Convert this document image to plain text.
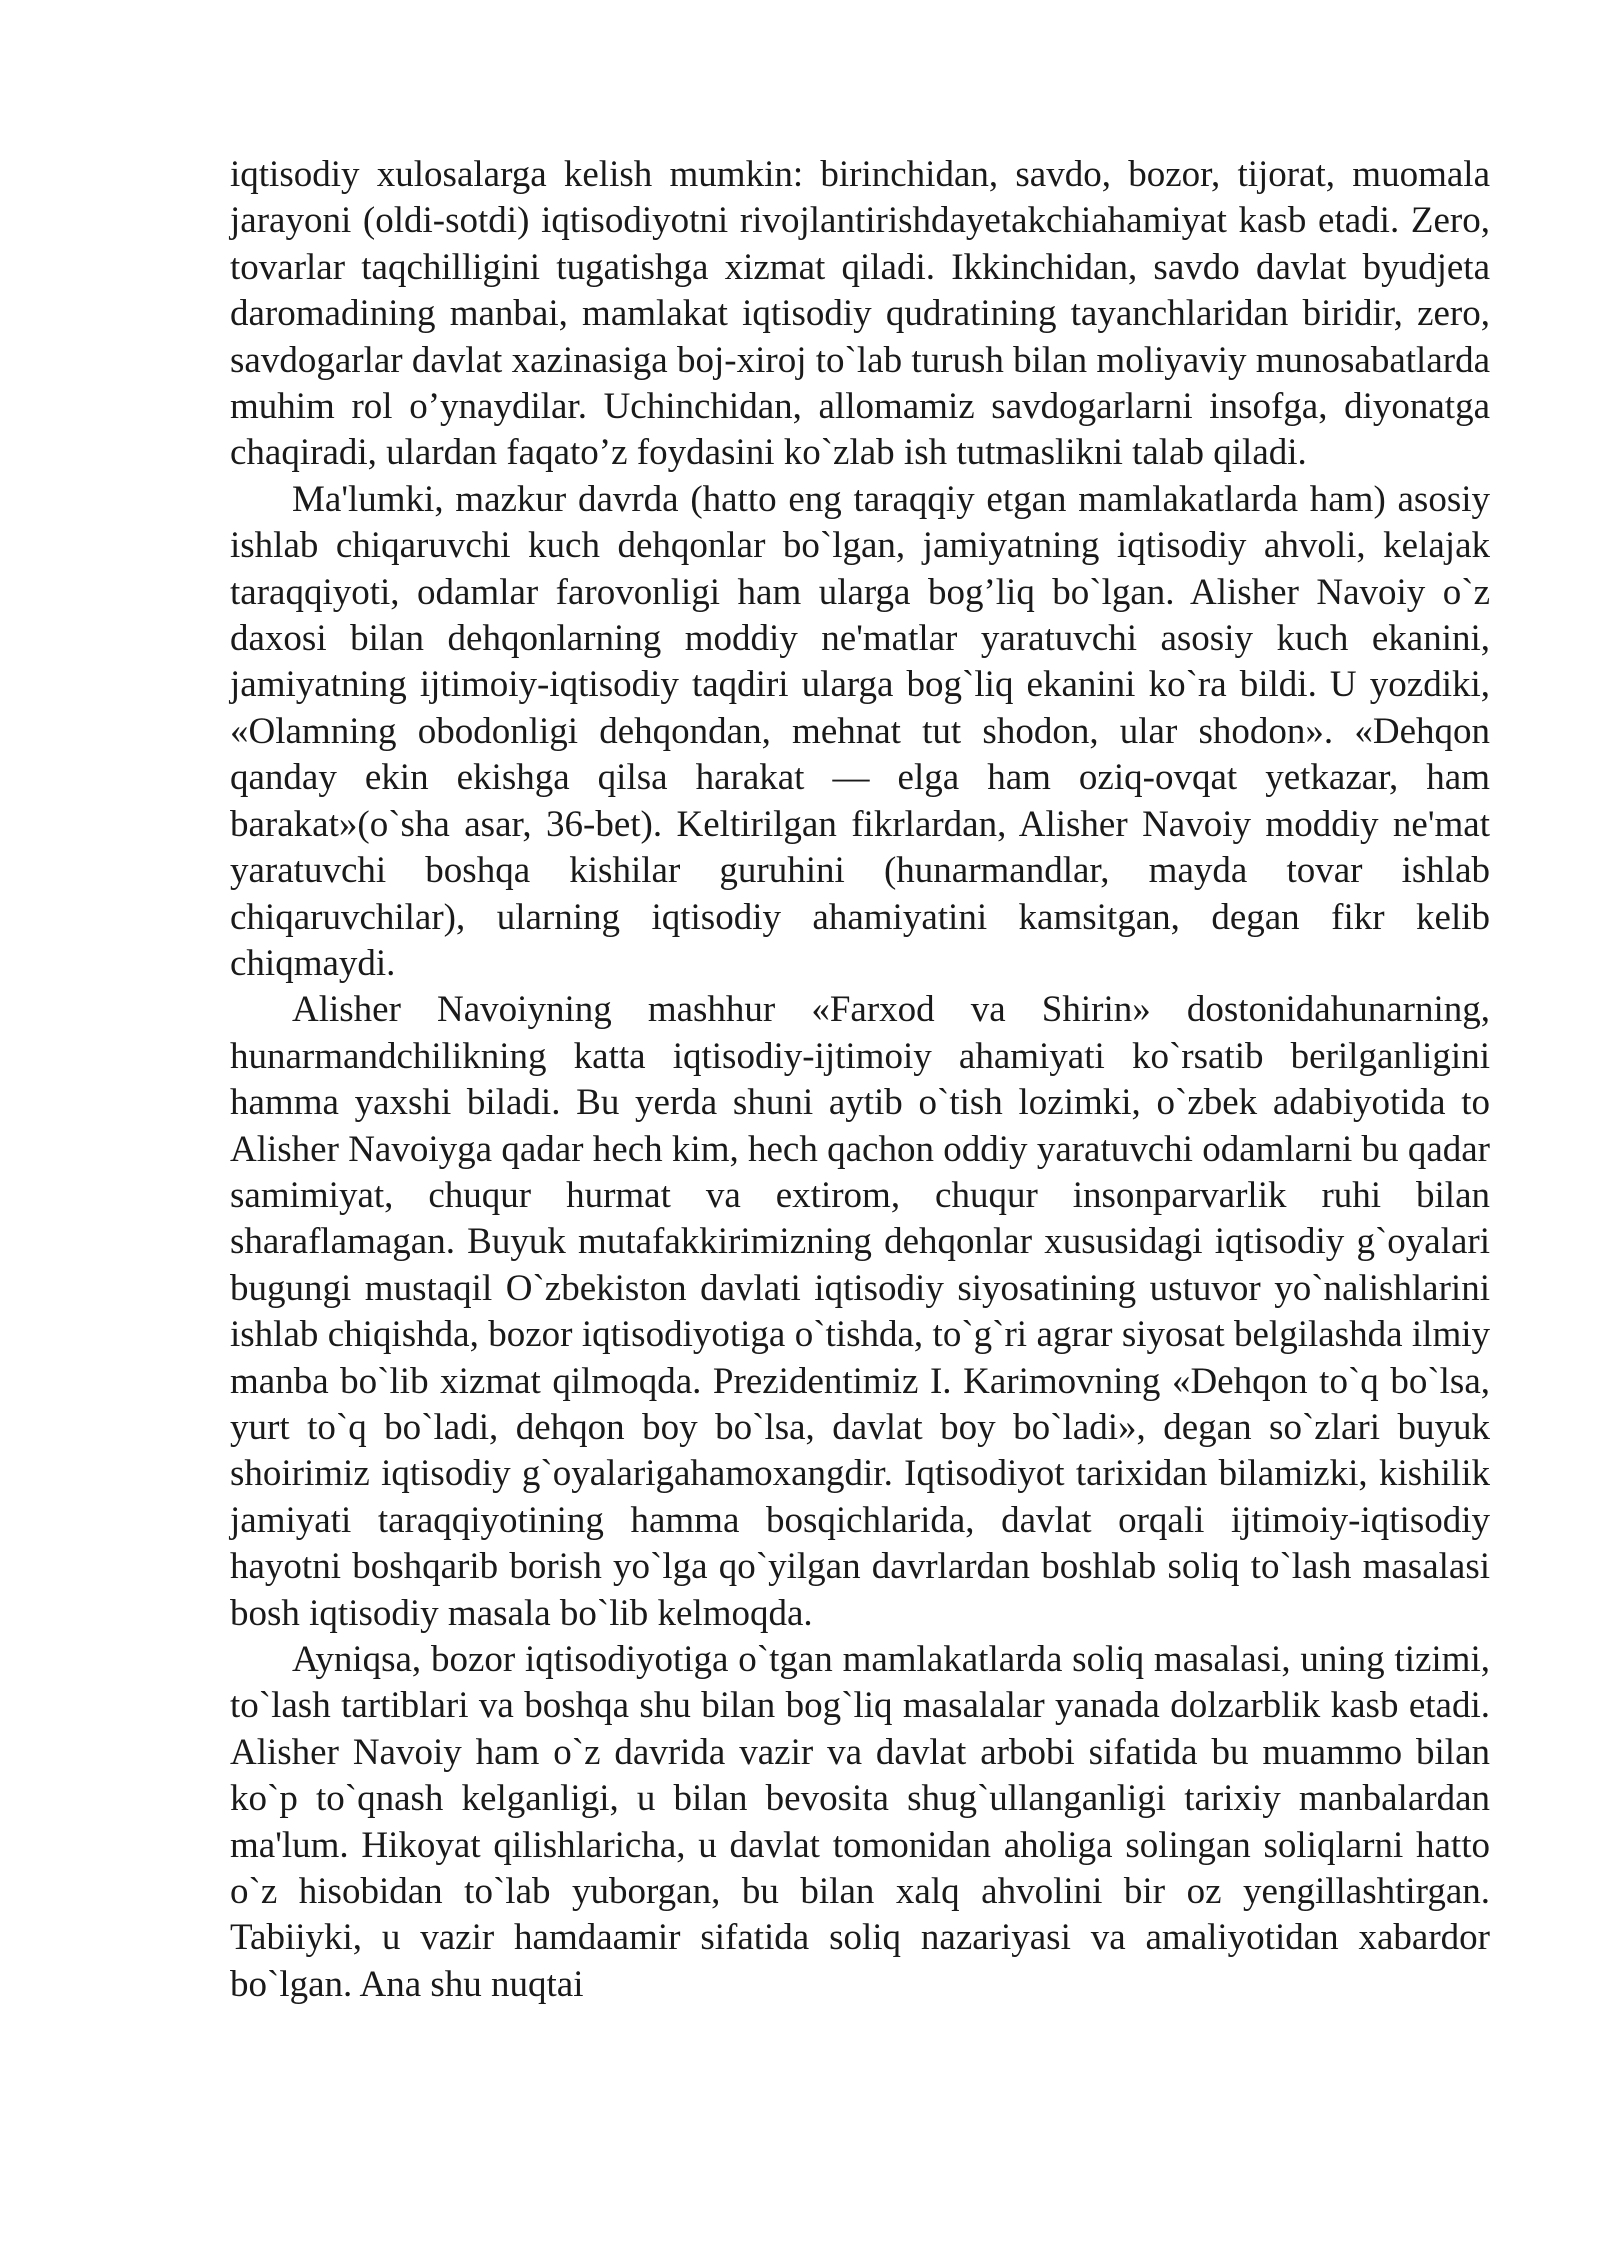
iqtisodiy xulosalarga kelish mumkin: birinchidan, savdo, bozor, tijorat, muomala jarayoni (oldi-sotdi) iqtisodiyotni rivojlantirishdayetakchiahamiyat kasb etadi. Zero, tovarlar taqchilligini tugatishga xizmat qiladi. Ikkinchidan, savdo davlat byudjeta daromadining manbai, mamlakat iqtisodiy qudratining tayanchlaridan biridir, zero, savdogarlar davlat xazinasiga boj-xiroj to`lab turush bilan moliyaviy munosabatlarda muhim rol o’ynaydilar. Uchinchidan, allomamiz savdogarlarni insofga, diyonatga chaqiradi, ulardan faqato’z foydasini ko`zlab ish tutmaslikni talab qiladi.

Ma'lumki, mazkur davrda (hatto eng taraqqiy etgan mamlakatlarda ham) asosiy ishlab chiqaruvchi kuch dehqonlar bo`lgan, jamiyatning iqtisodiy ahvoli, kelajak taraqqiyoti, odamlar farovonligi ham ularga bog’liq bo`lgan. Alisher Navoiy o`z daxosi bilan dehqonlarning moddiy ne'matlar yaratuvchi asosiy kuch ekanini, jamiyatning ijtimoiy-iqtisodiy taqdiri ularga bog`liq ekanini ko`ra bildi. U yozdiki, «Olamning obodonligi dehqondan, mehnat tut shodon, ular shodon». «Dehqon qanday ekin ekishga qilsa harakat — elga ham oziq-ovqat yetkazar, ham barakat»(o`sha asar, 36-bet). Keltirilgan fikrlardan, Alisher Navoiy moddiy ne'mat yaratuvchi boshqa kishilar guruhini (hunarmandlar, mayda tovar ishlab chiqaruvchilar), ularning iqtisodiy ahamiyatini kamsitgan, degan fikr kelib chiqmaydi.

Alisher Navoiyning mashhur «Farxod va Shirin» dostonidahunarning, hunarmandchilikning katta iqtisodiy-ijtimoiy ahamiyati ko`rsatib berilganligini hamma yaxshi biladi. Bu yerda shuni aytib o`tish lozimki, o`zbek adabiyotida to Alisher Navoiyga qadar hech kim, hech qachon oddiy yaratuvchi odamlarni bu qadar samimiyat, chuqur hurmat va extirom, chuqur insonparvarlik ruhi bilan sharaflamagan. Buyuk mutafakkirimizning dehqonlar xususidagi iqtisodiy g`oyalari bugungi mustaqil O`zbekiston davlati iqtisodiy siyosatining ustuvor yo`nalishlarini ishlab chiqishda, bozor iqtisodiyotiga o`tishda, to`g`ri agrar siyosat belgilashda ilmiy manba bo`lib xizmat qilmoqda. Prezidentimiz I. Karimovning «Dehqon to`q bo`lsa, yurt to`q bo`ladi, dehqon boy bo`lsa, davlat boy bo`ladi», degan so`zlari buyuk shoirimiz iqtisodiy g`oyalarigahamoxangdir. Iqtisodiyot tarixidan bilamizki, kishilik jamiyati taraqqiyotining hamma bosqichlarida, davlat orqali ijtimoiy-iqtisodiy hayotni boshqarib borish yo`lga qo`yilgan davrlardan boshlab soliq to`lash masalasi bosh iqtisodiy masala bo`lib kelmoqda.

Ayniqsa, bozor iqtisodiyotiga o`tgan mamlakatlarda soliq masalasi, uning tizimi, to`lash tartiblari va boshqa shu bilan bog`liq masalalar yanada dolzarblik kasb etadi. Alisher Navoiy ham o`z davrida vazir va davlat arbobi sifatida bu muammo bilan ko`p to`qnash kelganligi, u bilan bevosita shug`ullanganligi tarixiy manbalardan ma'lum. Hikoyat qilishlaricha, u davlat tomonidan aholiga solingan soliqlarni hatto o`z hisobidan to`lab yuborgan, bu bilan xalq ahvolini bir oz yengillashtirgan. Tabiiyki, u vazir hamdaamir sifatida soliq nazariyasi va amaliyotidan xabardor bo`lgan. Ana shu nuqtai
